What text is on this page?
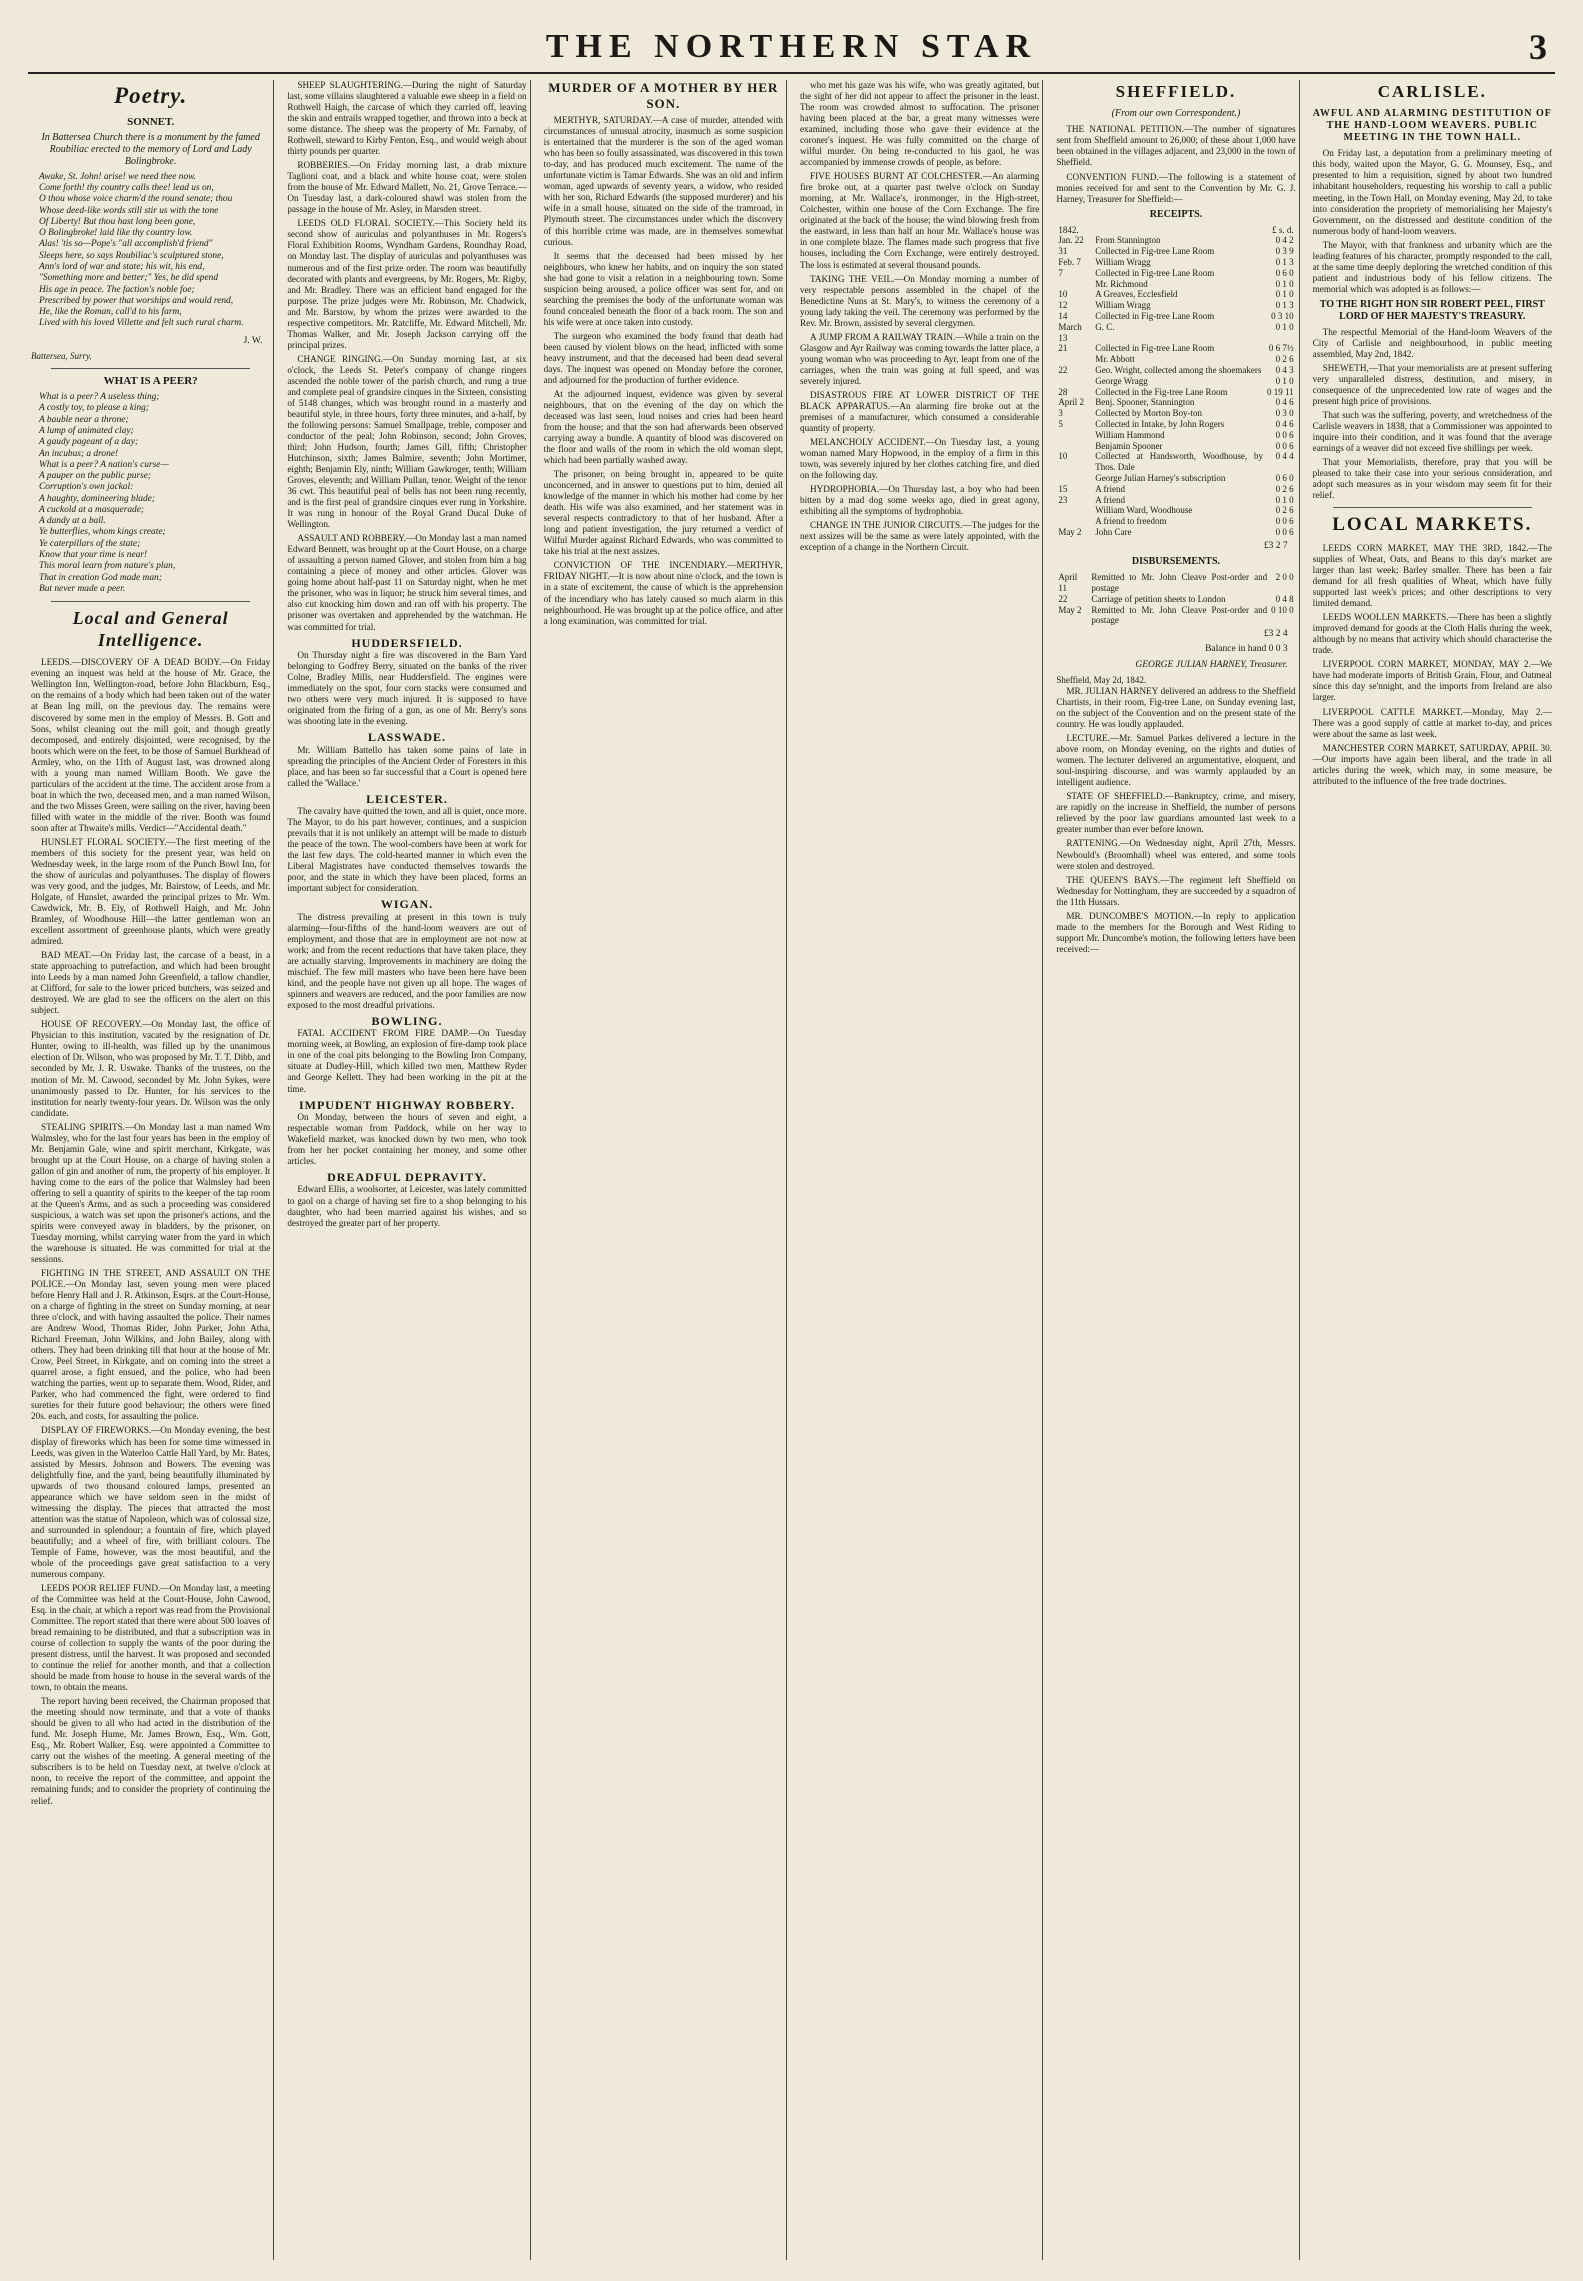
THE NORTHERN STAR	3
Poetry.
SONNET.
In Battersea Church there is a monument by the famed Roubiliac erected to the memory of Lord and Lady Bolingbroke.

Awake, St. John! arise! we need thee now.

Come forth! thy country calls thee! lead us on,

O thou whose voice charm'd the round senate; thou

Whose deed-like words still stir us with the tone

Of Liberty! But thou hast long been gone,

O Bolingbroke! laid like thy country low.

Alas! 'tis so—Pope's "all accomplish'd friend"

Sleeps here, so says Roubiliac's sculptured stone,

Ann's lord of war and state; his wit, his end,

"Something more and better;" Yes, he did spend

His age in peace. The faction's noble foe;

Prescribed by power that worships and would rend,

He, like the Roman, call'd to his farm,

Lived with his loved Villette and felt such rural charm.

J. W.
Battersea, Surry.
WHAT IS A PEER?

What is a peer? A useless thing;

A costly toy, to please a king;

A bauble near a throne;

A lump of animated clay;

A gaudy pageant of a day;

An incubus; a drone!

What is a peer? A nation's curse—

A pauper on the public purse;

Corruption's own jackal:

A haughty, domineering blade;

A cuckold at a masquerade;

A dandy at a ball.

Ye butterflies, whom kings create;

Ye caterpillars of the state;

Know that your time is near!

This moral learn from nature's plan,

That in creation God made man;

But never made a peer.

Local and General Intelligence.

LEEDS.—DISCOVERY OF A DEAD BODY.—On Friday evening an inquest was held at the house of Mr. Grace, the Wellington Inn, Wellington-road, before John Blackburn, Esq., on the remains of a body which had been taken out of the water at Bean Ing mill, on the previous day. The remains were discovered by some men in the employ of Messrs. B. Gott and Sons, whilst cleaning out the mill goit, and though greatly decomposed, and entirely disjointed, were recognised, by the boots which were on the feet, to be those of Samuel Burkhead of Armley, who, on the 11th of August last, was drowned along with a young man named William Booth. We gave the particulars of the accident at the time. The accident arose from a boat in which the two, deceased men, and a man named Wilson, and the two Misses Green, were sailing on the river, having been filled with water in the middle of the river. Booth was found soon after at Thwaite's mills. Verdict—"Accidental death."

HUNSLET FLORAL SOCIETY.—The first meeting of the members of this society for the present year, was held on Wednesday week, in the large room of the Punch Bowl Inn, for the show of auriculas and polyanthuses. The display of flowers was very good, and the judges, Mr. Bairstow, of Leeds, and Mr. Holgate, of Hunslet, awarded the principal prizes to Mr. Wm. Cawdwick, Mr. B. Ely, of Rothwell Haigh, and Mr. John Bramley, of Woodhouse Hill—the latter gentleman won an excellent assortment of greenhouse plants, which were greatly admired.

BAD MEAT.—On Friday last, the carcase of a beast, in a state approaching to putrefaction, and which had been brought into Leeds by a man named John Greenfield, a tallow chandler, at Clifford, for sale to the lower priced butchers, was seized and destroyed. We are glad to see the officers on the alert on this subject.

HOUSE OF RECOVERY.—On Monday last, the office of Physician to this institution, vacated by the resignation of Dr. Hunter, owing to ill-health, was filled up by the unanimous election of Dr. Wilson, who was proposed by Mr. T. T. Dibb, and seconded by Mr. J. R. Uswake. Thanks of the trustees, on the motion of Mr. M. Cawood, seconded by Mr. John Sykes, were unanimously passed to Dr. Hunter, for his services to the institution for nearly twenty-four years. Dr. Wilson was the only candidate.

STEALING SPIRITS.—On Monday last a man named Wm Walmsley, who for the last four years has been in the employ of Mr. Benjamin Gale, wine and spirit merchant, Kirkgate, was brought up at the Court House, on a charge of having stolen a gallon of gin and another of rum, the property of his employer. It having come to the ears of the police that Walmsley had been offering to sell a quantity of spirits to the keeper of the tap room at the Queen's Arms, and as such a proceeding was considered suspicious, a watch was set upon the prisoner's actions, and the spirits were conveyed away in bladders, by the prisoner, on Tuesday morning, whilst carrying water from the yard in which the warehouse is situated. He was committed for trial at the sessions.

FIGHTING IN THE STREET, AND ASSAULT ON THE POLICE.—On Monday last, seven young men were placed before Henry Hall and J. R. Atkinson, Esqrs. at the Court-House, on a charge of fighting in the street on Sunday morning, at near three o'clock, and with having assaulted the police. Their names are Andrew Wood, Thomas Rider, John Parker, John Atha, Richard Freeman, John Wilkins, and John Bailey, along with others. They had been drinking till that hour at the house of Mr. Crow, Peel Street, in Kirkgate, and on coming into the street a quarrel arose, a fight ensued, and the police, who had been watching the parties, went up to separate them. Wood, Rider, and Parker, who had commenced the fight, were ordered to find sureties for their future good behaviour; the others were fined 20s. each, and costs, for assaulting the police.

DISPLAY OF FIREWORKS.—On Monday evening, the best display of fireworks which has been for some time witnessed in Leeds, was given in the Waterloo Cattle Hall Yard, by Mr. Bates, assisted by Messrs. Johnson and Bowers. The evening was delightfully fine, and the yard, being beautifully illuminated by upwards of two thousand coloured lamps, presented an appearance which we have seldom seen in the midst of witnessing the display. The pieces that attracted the most attention was the statue of Napoleon, which was of colossal size, and surrounded in splendour; a fountain of fire, which played beautifully; and a wheel of fire, with brilliant colours. The Temple of Fame, however, was the most beautiful, and the whole of the proceedings gave great satisfaction to a very numerous company.

LEEDS POOR RELIEF FUND.—On Monday last, a meeting of the Committee was held at the Court-House, John Cawood, Esq. in the chair, at which a report was read from the Provisional Committee. The report stated that there were about 500 loaves of bread remaining to be distributed, and that a subscription was in course of collection to supply the wants of the poor during the present distress, until the harvest. It was proposed and seconded to continue the relief for another month, and that a collection should be made from house to house in the several wards of the town, to obtain the means.

The report having been received, the Chairman proposed that the meeting should now terminate, and that a vote of thanks should be given to all who had acted in the distribution of the fund. Mr. Joseph Hume, Mr. James Brown, Esq., Wm. Gott, Esq., Mr. Robert Walker, Esq. were appointed a Committee to carry out the wishes of the meeting. A general meeting of the subscribers is to be held on Tuesday next, at twelve o'clock at noon, to receive the report of the committee, and appoint the remaining funds; and to consider the propriety of continuing the relief.

SHEEP SLAUGHTERING.—During the night of Saturday last, some villains slaughtered a valuable ewe sheep in a field on Rothwell Haigh, the carcase of which they carried off, leaving the skin and entrails wrapped together, and thrown into a beck at some distance. The sheep was the property of Mr. Farnaby, of Rothwell, steward to Kirby Fenton, Esq., and would weigh about thirty pounds per quarter.

ROBBERIES.—On Friday morning last, a drab mixture Taglioni coat, and a black and white house coat, were stolen from the house of Mr. Edward Mallett, No. 21, Grove Terrace.—On Tuesday last, a dark-coloured shawl was stolen from the passage in the house of Mr. Asley, in Marsden street.

LEEDS OLD FLORAL SOCIETY.—This Society held its second show of auriculas and polyanthuses in Mr. Rogers's Floral Exhibition Rooms, Wyndham Gardens, Roundhay Road, on Monday last. The display of auriculas and polyanthuses was numerous and of the first prize order. The room was beautifully decorated with plants and evergreens, by Mr. Rogers, Mr. Rigby, and Mr. Bradley. There was an efficient band engaged for the purpose. The prize judges were Mr. Robinson, Mr. Chadwick, and Mr. Barstow, by whom the prizes were awarded to the respective competitors. Mr. Ratcliffe, Mr. Edward Mitchell, Mr. Thomas Walker, and Mr. Joseph Jackson carrying off the principal prizes.

CHANGE RINGING.—On Sunday morning last, at six o'clock, the Leeds St. Peter's company of change ringers ascended the noble tower of the parish church, and rung a true and complete peal of grandsire cinques in the Sixteen, consisting of 5148 changes, which was brought round in a masterly and beautiful style, in three hours, forty three minutes, and a-half, by the following persons: Samuel Smallpage, treble, composer and conductor of the peal; John Robinson, second; John Groves, third; John Hudson, fourth; James Gill, fifth; Christopher Hutchinson, sixth; James Balmire, seventh; John Mortimer, eighth; Benjamin Ely, ninth; William Gawkroger, tenth; William Groves, eleventh; and William Pullan, tenor. Weight of the tenor 36 cwt. This beautiful peal of bells has not been rung recently, and is the first peal of grandsire cinques ever rung in Yorkshire. It was rung in honour of the Royal Grand Ducal Duke of Wellington.

ASSAULT AND ROBBERY.—On Monday last a man named Edward Bennett, was brought up at the Court House, on a charge of assaulting a person named Glover, and stolen from him a bag containing a piece of money and other articles. Glover was going home about half-past 11 on Saturday night, when he met the prisoner, who was in liquor; he struck him several times, and also cut knocking him down and ran off with his property. The prisoner was overtaken and apprehended by the watchman. He was committed for trial.

HUDDERSFIELD.

On Thursday night a fire was discovered in the Barn Yard belonging to Godfrey Berry, situated on the banks of the river Colne, Bradley Mills, near Huddersfield. The engines were immediately on the spot, four corn stacks were consumed and two others were very much injured. It is supposed to have originated from the firing of a gun, as one of Mr. Berry's sons was shooting late in the evening.

LASSWADE.

Mr. William Battello has taken some pains of late in spreading the principles of the Ancient Order of Foresters in this place, and has been so far successful that a Court is opened here called the 'Wallace.'

LEICESTER.

The cavalry have quitted the town, and all is quiet, once more. The Mayor, to do his part however, continues, and a suspicion prevails that it is not unlikely an attempt will be made to disturb the peace of the town. The wool-combers have been at work for the last few days. The cold-hearted manner in which even the Liberal Magistrates have conducted themselves towards the poor, and the state in which they have been placed, forms an important subject for consideration.

WIGAN.

The distress prevailing at present in this town is truly alarming—four-fifths of the hand-loom weavers are out of employment, and those that are in employment are not now at work; and from the recent reductions that have taken place, they are actually starving. Improvements in machinery are doing the mischief. The few mill masters who have been here have been kind, and the people have not given up all hope. The wages of spinners and weavers are reduced, and the poor families are now exposed to the most dreadful privations.

BOWLING.

FATAL ACCIDENT FROM FIRE DAMP.—On Tuesday morning week, at Bowling, an explosion of fire-damp took place in one of the coal pits belonging to the Bowling Iron Company, situate at Dudley-Hill, which killed two men, Matthew Ryder and George Kellett. They had been working in the pit at the time.

IMPUDENT HIGHWAY ROBBERY.

On Monday, between the hours of seven and eight, a respectable woman from Paddock, while on her way to Wakefield market, was knocked down by two men, who took from her her pocket containing her money, and some other articles.

DREADFUL DEPRAVITY.

Edward Ellis, a woolsorter, at Leicester, was lately committed to gaol on a charge of having set fire to a shop belonging to his daughter, who had been married against his wishes, and so destroyed the greater part of her property.

MURDER OF A MOTHER BY HER SON.

MERTHYR, SATURDAY.—A case of murder, attended with circumstances of unusual atrocity, inasmuch as some suspicion is entertained that the murderer is the son of the aged woman who has been so foully assassinated, was discovered in this town to-day, and has produced much excitement. The name of the unfortunate victim is Tamar Edwards. She was an old and infirm woman, aged upwards of seventy years, a widow, who resided with her son, Richard Edwards (the supposed murderer) and his wife in a small house, situated on the side of the tramroad, in Plymouth street. The circumstances under which the discovery of this horrible crime was made, are in themselves somewhat curious.

It seems that the deceased had been missed by her neighbours, who knew her habits, and on inquiry the son stated she had gone to visit a relation in a neighbouring town. Some suspicion being aroused, a police officer was sent for, and on searching the premises the body of the unfortunate woman was found concealed beneath the floor of a back room. The son and his wife were at once taken into custody.

The surgeon who examined the body found that death had been caused by violent blows on the head, inflicted with some heavy instrument, and that the deceased had been dead several days. The inquest was opened on Monday before the coroner, and adjourned for the production of further evidence.

At the adjourned inquest, evidence was given by several neighbours, that on the evening of the day on which the deceased was last seen, loud noises and cries had been heard from the house; and that the son had afterwards been observed carrying away a bundle. A quantity of blood was discovered on the floor and walls of the room in which the old woman slept, which had been partially washed away.

The prisoner, on being brought in, appeared to be quite unconcerned, and in answer to questions put to him, denied all knowledge of the manner in which his mother had come by her death. His wife was also examined, and her statement was in several respects contradictory to that of her husband. After a long and patient investigation, the jury returned a verdict of Wilful Murder against Richard Edwards, who was committed to take his trial at the next assizes.

CONVICTION OF THE INCENDIARY.—MERTHYR, FRIDAY NIGHT.—It is now about nine o'clock, and the town is in a state of excitement, the cause of which is the apprehension of the incendiary who has lately caused so much alarm in this neighbourhood. He was brought up at the police office, and after a long examination, was committed for trial.

who met his gaze was his wife, who was greatly agitated, but the sight of her did not appear to affect the prisoner in the least. The room was crowded almost to suffocation. The prisoner having been placed at the bar, a great many witnesses were examined, including those who gave their evidence at the coroner's inquest. He was fully committed on the charge of wilful murder. On being re-conducted to his gaol, he was accompanied by immense crowds of people, as before.

FIVE HOUSES BURNT AT COLCHESTER.—An alarming fire broke out, at a quarter past twelve o'clock on Sunday morning, at Mr. Wallace's, ironmonger, in the High-street, Colchester, within one house of the Corn Exchange. The fire originated at the back of the house; the wind blowing fresh from the eastward, in less than half an hour Mr. Wallace's house was in one complete blaze. The flames made such progress that five houses, including the Corn Exchange, were entirely destroyed. The loss is estimated at several thousand pounds.

TAKING THE VEIL.—On Monday morning a number of very respectable persons assembled in the chapel of the Benedictine Nuns at St. Mary's, to witness the ceremony of a young lady taking the veil. The ceremony was performed by the Rev. Mr. Brown, assisted by several clergymen.

A JUMP FROM A RAILWAY TRAIN.—While a train on the Glasgow and Ayr Railway was coming towards the latter place, a young woman who was proceeding to Ayr, leapt from one of the carriages, when the train was going at full speed, and was severely injured.

DISASTROUS FIRE AT LOWER DISTRICT OF THE BLACK APPARATUS.—An alarming fire broke out at the premises of a manufacturer, which consumed a considerable quantity of property.

MELANCHOLY ACCIDENT.—On Tuesday last, a young woman named Mary Hopwood, in the employ of a firm in this town, was severely injured by her clothes catching fire, and died on the following day.

HYDROPHOBIA.—On Thursday last, a boy who had been bitten by a mad dog some weeks ago, died in great agony, exhibiting all the symptoms of hydrophobia.

CHANGE IN THE JUNIOR CIRCUITS.—The judges for the next assizes will be the same as were lately appointed, with the exception of a change in the Northern Circuit.

SHEFFIELD.
(From our own Correspondent.)

THE NATIONAL PETITION.—The number of signatures sent from Sheffield amount to 26,000; of these about 1,000 have been obtained in the villages adjacent, and 23,000 in the town of Sheffield.

CONVENTION FUND.—The following is a statement of monies received for and sent to the Convention by Mr. G. J. Harney, Treasurer for Sheffield:—

RECEIPTS.
1842.		£ s. d.
Jan. 22	From Stannington	0 4 2
31	Collected in Fig-tree Lane Room	0 3 9
Feb. 7	William Wragg	0 1 3
7	Collected in Fig-tree Lane Room	0 6 0
	Mr. Richmond	0 1 0
10	A Greaves, Ecclesfield	0 1 0
12	William Wragg	0 1 3
14	Collected in Fig-tree Lane Room	0 3 10
March 13	G. C.	0 1 0
21	Collected in Fig-tree Lane Room	0 6 7½
	Mr. Abbott	0 2 6
22	Geo. Wright, collected among the shoemakers	0 4 3
	George Wragg	0 1 0
28	Collected in the Fig-tree Lane Room	0 19 11
April 2	Benj. Spooner, Stannington	0 4 6
3	Collected by Morton Boy-ton	0 3 0
5	Collected in Intake, by John Rogers	0 4 6
	William Hammond	0 0 6
	Benjamin Spooner	0 0 6
10	Collected at Handsworth, Woodhouse, by Thos. Dale	0 4 4
	George Julian Harney's subscription	0 6 0
15	A friend	0 2 6
23	A friend	0 1 0
	William Ward, Woodhouse	0 2 6
	A friend to freedom	0 0 6
May 2	John Care	0 0 6
£3 2 7
DISBURSEMENTS.
April 11	Remitted to Mr. John Cleave Post-order and postage	2 0 0
22	Carriage of petition sheets to London	0 4 8
May 2	Remitted to Mr. John Cleave Post-order and postage	0 10 0
£3 2 4
Balance in hand 0 0 3
GEORGE JULIAN HARNEY, Treasurer.
Sheffield, May 2d, 1842.

MR. JULIAN HARNEY delivered an address to the Sheffield Chartists, in their room, Fig-tree Lane, on Sunday evening last, on the subject of the Convention and on the present state of the country. He was loudly applauded.

LECTURE.—Mr. Samuel Parkes delivered a lecture in the above room, on Monday evening, on the rights and duties of women. The lecturer delivered an argumentative, eloquent, and soul-inspiring discourse, and was warmly applauded by an intelligent audience.

STATE OF SHEFFIELD.—Bankruptcy, crime, and misery, are rapidly on the increase in Sheffield, the number of persons relieved by the poor law guardians amounted last week to a greater number than ever before known.

RATTENING.—On Wednesday night, April 27th, Messrs. Newbould's (Broomhall) wheel was entered, and some tools were stolen and destroyed.

THE QUEEN'S BAYS.—The regiment left Sheffield on Wednesday for Nottingham, they are succeeded by a squadron of the 11th Hussars.

MR. DUNCOMBE'S MOTION.—In reply to application made to the members for the Borough and West Riding to support Mr. Duncombe's motion, the following letters have been received:—

CARLISLE.
AWFUL AND ALARMING DESTITUTION OF THE HAND-LOOM WEAVERS. PUBLIC MEETING IN THE TOWN HALL.

On Friday last, a deputation from a preliminary meeting of this body, waited upon the Mayor, G. G. Mounsey, Esq., and presented to him a requisition, signed by about two hundred inhabitant householders, requesting his worship to call a public meeting, in the Town Hall, on Monday evening, May 2d, to take into consideration the propriety of memorialising her Majesty's Government, on the distressed and destitute condition of the numerous body of hand-loom weavers.

The Mayor, with that frankness and urbanity which are the leading features of his character, promptly responded to the call, at the same time deeply deploring the wretched condition of this patient and industrious body of his fellow citizens. The memorial which was adopted is as follows:—

TO THE RIGHT HON SIR ROBERT PEEL, FIRST LORD OF HER MAJESTY'S TREASURY.

The respectful Memorial of the Hand-loom Weavers of the City of Carlisle and neighbourhood, in public meeting assembled, May 2nd, 1842.

SHEWETH,—That your memorialists are at present suffering very unparalleled distress, destitution, and misery, in consequence of the unprecedented low rate of wages and the present high price of provisions.

That such was the suffering, poverty, and wretchedness of the Carlisle weavers in 1838, that a Commissioner was appointed to inquire into their condition, and it was found that the average earnings of a weaver did not exceed five shillings per week.

That your Memorialists, therefore, pray that you will be pleased to take their case into your serious consideration, and adopt such measures as in your wisdom may seem fit for their relief.

LOCAL MARKETS.

LEEDS CORN MARKET, MAY THE 3RD, 1842.—The supplies of Wheat, Oats, and Beans to this day's market are larger than last week; Barley smaller. There has been a fair demand for all fresh qualities of Wheat, which have fully supported last week's prices; and other descriptions to very limited demand.

LEEDS WOOLLEN MARKETS.—There has been a slightly improved demand for goods at the Cloth Halls during the week, although by no means that activity which should characterise the trade.

LIVERPOOL CORN MARKET, MONDAY, MAY 2.—We have had moderate imports of British Grain, Flour, and Oatmeal since this day se'nnight, and the imports from Ireland are also larger.

LIVERPOOL CATTLE MARKET.—Monday, May 2.—There was a good supply of cattle at market to-day, and prices were about the same as last week.

MANCHESTER CORN MARKET, SATURDAY, APRIL 30.—Our imports have again been liberal, and the trade in all articles during the week, which may, in some measure, be attributed to the influence of the free trade doctrines.
